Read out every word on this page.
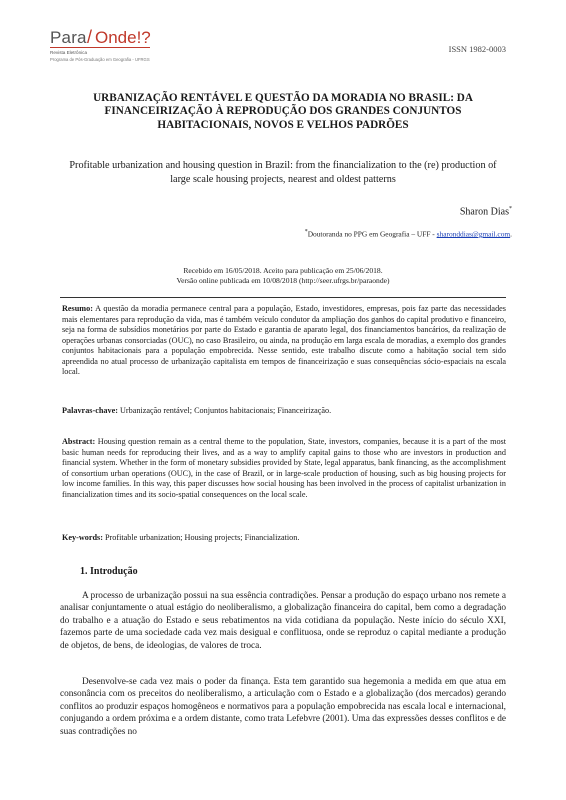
Para / Onde!?
Revista Eletrônica
Programa de Pós-Graduação em Geografia - UFRGS
ISSN 1982-0003
URBANIZAÇÃO RENTÁVEL E QUESTÃO DA MORADIA NO BRASIL: DA FINANCEIRIZAÇÃO À REPRODUÇÃO DOS GRANDES CONJUNTOS HABITACIONAIS, NOVOS E VELHOS PADRÕES
Profitable urbanization and housing question in Brazil: from the financialization to the (re) production of large scale housing projects, nearest and oldest patterns
Sharon Dias*
*Doutoranda no PPG em Geografia – UFF - sharonddias@gmail.com.
Recebido em 16/05/2018. Aceito para publicação em 25/06/2018.
Versão online publicada em 10/08/2018 (http://seer.ufrgs.br/paraonde)
Resumo: A questão da moradia permanece central para a população, Estado, investidores, empresas, pois faz parte das necessidades mais elementares para reprodução da vida, mas é também veículo condutor da ampliação dos ganhos do capital produtivo e financeiro, seja na forma de subsídios monetários por parte do Estado e garantia de aparato legal, dos financiamentos bancários, da realização de operações urbanas consorciadas (OUC), no caso Brasileiro, ou ainda, na produção em larga escala de moradias, a exemplo dos grandes conjuntos habitacionais para a população empobrecida. Nesse sentido, este trabalho discute como a habitação social tem sido apreendida no atual processo de urbanização capitalista em tempos de financeirização e suas consequências sócio-espaciais na escala local.
Palavras-chave: Urbanização rentável; Conjuntos habitacionais; Financeirização.
Abstract: Housing question remain as a central theme to the population, State, investors, companies, because it is a part of the most basic human needs for reproducing their lives, and as a way to amplify capital gains to those who are investors in production and financial system. Whether in the form of monetary subsidies provided by State, legal apparatus, bank financing, as the accomplishment of consortium urban operations (OUC), in the case of Brazil, or in large-scale production of housing, such as big housing projects for low income families. In this way, this paper discusses how social housing has been involved in the process of capitalist urbanization in financialization times and its socio-spatial consequences on the local scale.
Key-words: Profitable urbanization; Housing projects; Financialization.
1. Introdução

A processo de urbanização possui na sua essência contradições. Pensar a produção do espaço urbano nos remete a analisar conjuntamente o atual estágio do neoliberalismo, a globalização financeira do capital, bem como a degradação do trabalho e a atuação do Estado e seus rebatimentos na vida cotidiana da população. Neste início do século XXI, fazemos parte de uma sociedade cada vez mais desigual e conflituosa, onde se reproduz o capital mediante a produção de objetos, de bens, de ideologias, de valores de troca.

Desenvolve-se cada vez mais o poder da finança. Esta tem garantido sua hegemonia a medida em que atua em consonância com os preceitos do neoliberalismo, a articulação com o Estado e a globalização (dos mercados) gerando conflitos ao produzir espaços homogêneos e normativos para a população empobrecida nas escala local e internacional, conjugando a ordem próxima e a ordem distante, como trata Lefebvre (2001). Uma das expressões desses conflitos e de suas contradições no
